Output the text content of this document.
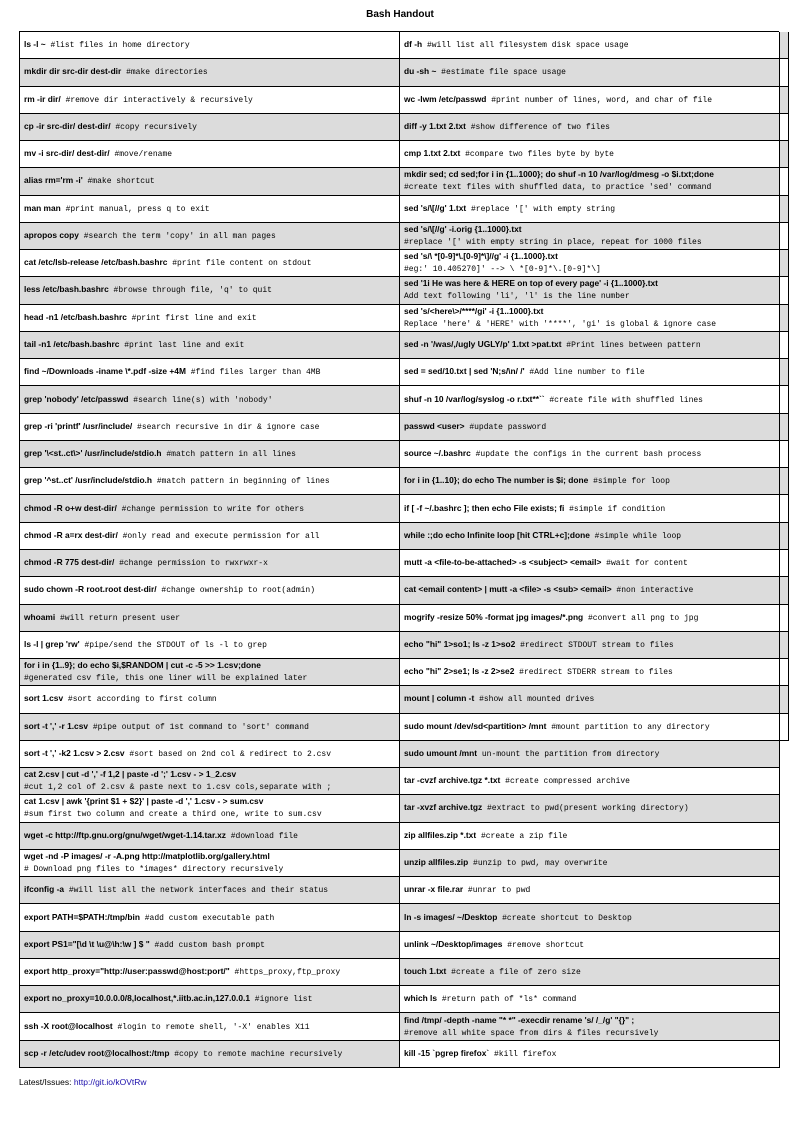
Bash Handout
ls -l ~ #list files in home directory
mkdir dir src-dir dest-dir #make directories
rm -ir dir/ #remove dir interactively & recursively
cp -ir src-dir/ dest-dir/ #copy recursively
mv -i src-dir/ dest-dir/ #move/rename
alias rm='rm -i' #make shortcut
man man #print manual, press q to exit
apropos copy #search the term 'copy' in all man pages
cat /etc/lsb-release /etc/bash.bashrc #print file content on stdout
less /etc/bash.bashrc #browse through file, 'q' to quit
head -n1 /etc/bash.bashrc #print first line and exit
tail -n1 /etc/bash.bashrc #print last line and exit
find ~/Downloads -iname \*.pdf -size +4M #find files larger than 4MB
grep 'nobody' /etc/passwd #search line(s) with 'nobody'
grep -ri 'printf' /usr/include/ #search recursive in dir & ignore case
grep '\<st..ct\>' /usr/include/stdio.h #match pattern in all lines
grep '^st..ct' /usr/include/stdio.h #match pattern in beginning of lines
chmod -R o+w dest-dir/ #change permission to write for others
chmod -R a=rx dest-dir/ #only read and execute permission for all
chmod -R 775 dest-dir/ #change permission to rwxrwxr-x
sudo chown -R root.root dest-dir/ #change ownership to root(admin)
whoami #will return present user
ls -l | grep 'rw' #pipe/send the STDOUT of ls -l to grep
for i in {1..9}; do echo $i,$RANDOM | cut -c -5 >> 1.csv;done
#generated csv file, this one liner will be explained later
sort 1.csv #sort according to first column
sort -t ',' -r 1.csv #pipe output of 1st command to 'sort' command
sort -t ',' -k2 1.csv > 2.csv #sort based on 2nd col & redirect to 2.csv
cat 2.csv | cut -d ',' -f 1,2 | paste -d ';' 1.csv - > 1_2.csv
#cut 1,2 col of 2.csv & paste next to 1.csv cols,separate with ;
cat 1.csv | awk '{print $1 + $2}' | paste -d ',' 1.csv - > sum.csv
#sum first two column and create a third one, write to sum.csv
wget -c http://ftp.gnu.org/gnu/wget/wget-1.14.tar.xz #download file
wget -nd -P images/ -r -A.png http://matplotlib.org/gallery.html
# Download png files to *images* directory recursively
ifconfig -a #will list all the network interfaces and their status
export PATH=$PATH:/tmp/bin #add custom executable path
export PS1="[\d \t \u@\h:\w ] $ " #add custom bash prompt
export http_proxy="http://user:passwd@host:port/" #https_proxy,ftp_proxy
export no_proxy=10.0.0.0/8,localhost,*.iitb.ac.in,127.0.0.1 #ignore list
ssh -X root@localhost #login to remote shell, '-X' enables X11
scp -r /etc/udev root@localhost:/tmp #copy to remote machine recursively
df -h #will list all filesystem disk space usage
du -sh ~ #estimate file space usage
wc -lwm /etc/passwd #print number of lines, word, and char of file
diff -y 1.txt 2.txt #show difference of two files
cmp 1.txt 2.txt #compare two files byte by byte
mkdir sed; cd sed;for i in {1..1000}; do shuf -n 10 /var/log/dmesg -o $i.txt;done
#create text files with shuffled data, to practice 'sed' command
sed 's/\[//g' 1.txt #replace '[' with empty string
sed 's/\[//g' -i.orig {1..1000}.txt
#replace '[' with empty string in place, repeat for 1000 files
sed 's/\ *[0-9]*\.[0-9]*\]//g' -i {1..1000}.txt
#eg:' 10.405270]' --> \ *[0-9]*\.[0-9]*\]
sed '1i He was here & HERE on top of every page' -i {1..1000}.txt
Add text following 'li', 'l' is the line number
sed 's/<here\>/****/gi' -i {1..1000}.txt
Replace 'here' & 'HERE' with '****', 'gi' is global & ignore case
sed -n '/was/,/ugly UGLY/p' 1.txt >pat.txt #Print lines between pattern
sed = sed/10.txt | sed 'N;s/\n/ /' #Add line number to file
shuf -n 10 /var/log/syslog -o r.txt**`` #create file with shuffled lines
passwd <user> #update password
source ~/.bashrc #update the configs in the current bash process
for i in {1..10}; do echo The number is $i; done #simple for loop
if [ -f ~/.bashrc ]; then echo File exists; fi #simple if condition
while :;do echo Infinite loop [hit CTRL+c];done #simple while loop
mutt -a <file-to-be-attached> -s <subject> <email> #wait for content
cat <email content> | mutt -a <file> -s <sub> <email> #non interactive
mogrify -resize 50% -format jpg images/*.png #convert all png to jpg
echo "hi" 1>so1; ls -z 1>so2 #redirect STDOUT stream to files
echo "hi" 2>se1; ls -z 2>se2 #redirect STDERR stream to files
mount | column -t #show all mounted drives
sudo mount /dev/sd<partition> /mnt #mount partition to any directory
sudo umount /mnt un-mount the partition from directory
tar -cvzf archive.tgz *.txt #create compressed archive
tar -xvzf archive.tgz #extract to pwd(present working directory)
zip allfiles.zip *.txt #create a zip file
unzip allfiles.zip #unzip to pwd, may overwrite
unrar -x file.rar #unrar to pwd
ln -s images/ ~/Desktop #create shortcut to Desktop
unlink ~/Desktop/images #remove shortcut
touch 1.txt #create a file of zero size
which ls #return path of *ls* command
find /tmp/ -depth -name "* *" -execdir rename 's/ /_/g' "{}" ;
#remove all white space from dirs & files recursively
kill -15 `pgrep firefox` #kill firefox
Latest/Issues: http://git.io/kOVtRw
